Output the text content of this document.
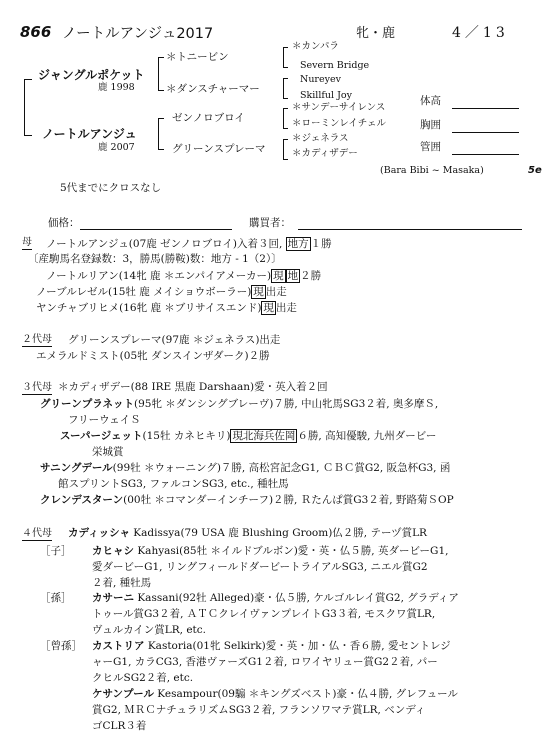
866 ノートルアンジュ2017	牝・鹿	4／13
ジャングルポケット
鹿 1998
ノートルアンジュ
鹿 2007
＊トニービン
＊ダンスチャーマー
ゼンノロブロイ
グリーンスプレーマ
＊カンパラ
Severn Bridge
Nureyev
Skillful Joy
＊サンデーサイレンス
＊ローミンレイチェル
＊ジェネラス
＊カディザデー
(Bara Bibi ~ Masaka)	5e
体高
胸囲
管囲
5代までにクロスなし
価格：	購買者：
母 ノートルアンジュ(07鹿 ゼンノロブロイ)入着３回, 地方 １勝
〔産駒馬名登録数：3，勝馬(勝鞍)数：地方 - 1（2）〕
ノートルリアン(14牝 鹿 ＊エンパイアメーカー) 現 地 ２勝
ノーブルレゼル(15牡 鹿 メイショウボーラー) 現 出走
ヤンチャブリヒメ(16牝 鹿 ＊ブリサイスエンド) 現 出走
２代母 グリーンスプレーマ(97鹿 ＊ジェネラス)出走
エメラルドミスト(05牝 ダンスインザダーク)２勝
３代母 ＊カディザデー(88 IRE 黒鹿 Darshaan)愛・英入着２回
グリーンプラネット(95牝 ＊ダンシングブレーヴ)７勝, 中山牝馬SG3２着, 奥多摩Ｓ,
フリーウェイＳ
スーパージェット(15牡 カネヒキリ) 現北海兵佐岡 ６勝, 高知優駿, 九州ダービー
栄城賞
サニングデール(99牡 ＊ウォーニング)７勝, 高松宮記念G1, ＣＢＣ賞G2, 阪急杯G3, 函
館スプリントSG3, ファルコンSG3, etc., 種牡馬
クレンデスターン(00牡 ＊コマンダーインチーフ)２勝, Ｒたんぱ賞G3２着, 野路菊ＳOP
４代母 カディッシャ Kadissya(79 USA 鹿 Blushing Groom)仏２勝, テーヅ賞LR
［子］ カヒャシ Kahyasi(85牡 ＊イルドブルボン)愛・英・仏５勝, 英ダービーG1,
愛ダービーG1, リングフィールドダービートライアルSG3, ニエル賞G2
２着, 種牡馬
［孫］ カサーニ Kassani(92牡 Alleged)豪・仏５勝, ケルゴルレイ賞G2, グラディア
トゥール賞G3２着, ＡＴＣクレイヴァンプレイトG3３着, モスクワ賞LR,
ヴュルカイン賞LR, etc.
［曾孫］ カストリア Kastoria(01牝 Selkirk)愛・英・加・仏・香６勝, 愛セントレジ
ャーG1, カラCG3, 香港ヴァーズG1２着, ロワイヤリュー賞G2２着, パー
クヒルSG2２着, etc.
ケサンプール Kesampour(09騸 ＊キングズベスト)豪・仏４勝, グレフュール
賞G2, ＭＲＣナチュラリズムSG3２着, フランソワマテ賞LR, ベンディ
ゴCLR３着
